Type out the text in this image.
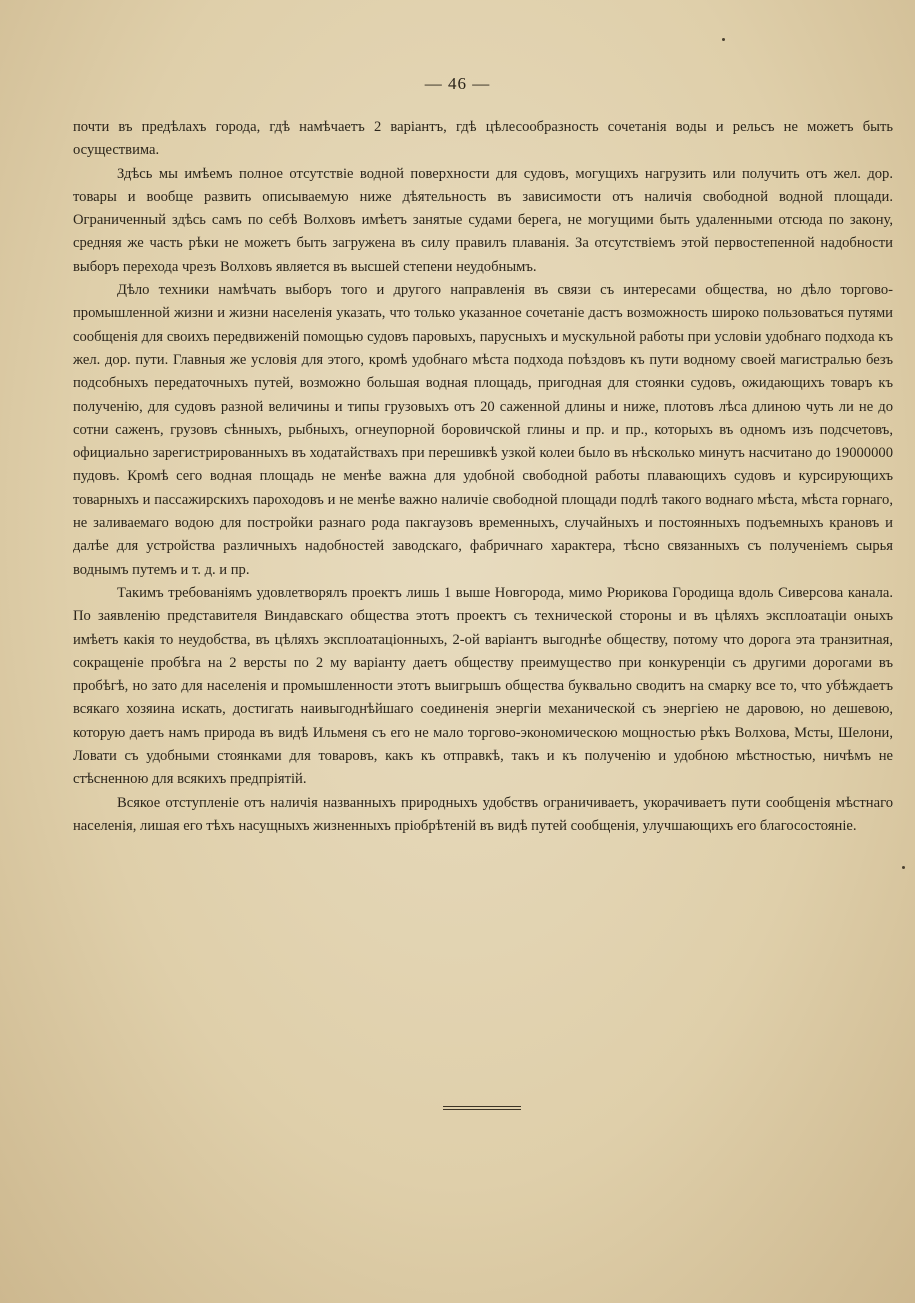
— 46 —

почти въ предѣлахъ города, гдѣ намѣчаетъ 2 варiантъ, гдѣ цѣлесообразность сочетанiя воды и рельсъ не можетъ быть осуществима.

Здѣсь мы имѣемъ полное отсутствiе водной поверхности для судовъ, могущихъ нагрузить или получить отъ жел. дор. товары и вообще развить описываемую ниже дѣятельность въ зависимости отъ наличiя свободной водной площади. Ограниченный здѣсь самъ по себѣ Волховъ имѣетъ занятые судами берега, не могущими быть удаленными отсюда по закону, средняя же часть рѣки не можетъ быть загружена въ силу правилъ плаванiя. За отсутствiемъ этой первостепенной надобности выборъ перехода чрезъ Волховъ является въ высшей степени неудобнымъ.

Дѣло техники намѣчать выборъ того и другого направленiя въ связи съ интересами общества, но дѣло торгово-промышленной жизни и жизни населенiя указать, что только указанное сочетанiе дастъ возможность широко пользоваться путями сообщенiя для своихъ передвиженiй помощью судовъ паровыхъ, парусныхъ и мускульной работы при условiи удобнаго подхода къ жел. дор. пути. Главныя же условiя для этого, кромѣ удобнаго мѣста подхода поѣздовъ къ пути водному своей магистралью безъ подсобныхъ передаточныхъ путей, возможно большая водная площадь, пригодная для стоянки судовъ, ожидающихъ товаръ къ полученiю, для судовъ разной величины и типы грузовыхъ отъ 20 саженной длины и ниже, плотовъ лѣса длиною чуть ли не до сотни саженъ, грузовъ сѣнныхъ, рыбныхъ, огнеупорной боровичской глины и пр. и пр., которыхъ въ одномъ изъ подсчетовъ, официально зарегистрированныхъ въ ходатайствахъ при перешивкѣ узкой колеи было въ нѣсколько минутъ насчитано до 19000000 пудовъ. Кромѣ сего водная площадь не менѣе важна для удобной свободной работы плавающихъ судовъ и курсирующихъ товарныхъ и пассажирскихъ пароходовъ и не менѣе важно наличiе свободной площади подлѣ такого воднаго мѣста, мѣста горнаго, не заливаемаго водою для постройки разнаго рода пакгаузовъ временныхъ, случайныхъ и постоянныхъ подъемныхъ крановъ и далѣе для устройства различныхъ надобностей заводскаго, фабричнаго характера, тѣсно связанныхъ съ полученiемъ сырья воднымъ путемъ и т. д. и пр.

Такимъ требованiямъ удовлетворялъ проектъ лишь 1 выше Новгорода, мимо Рюрикова Городища вдоль Сиверсова канала. По заявленiю представителя Виндавскаго общества этотъ проектъ съ технической стороны и въ цѣляхъ эксплоатацiи оныхъ имѣетъ какiя то неудобства, въ цѣляхъ эксплоатацiонныхъ, 2-ой варiантъ выгоднѣе обществу, потому что дорога эта транзитная, сокращенiе пробѣга на 2 версты по 2 му варiанту даетъ обществу преимущество при конкуренцiи съ другими дорогами въ пробѣгѣ, но зато для населенiя и промышленности этотъ выигрышъ общества буквально сводитъ на смарку все то, что убѣждаетъ всякаго хозяина искать, достигать наивыгоднѣйшаго соединенiя энергiи механической съ энергiею не даровою, но дешевою, которую даетъ намъ природа въ видѣ Ильменя съ его не мало торгово-экономическою мощностью рѣкъ Волхова, Мсты, Шелони, Ловати съ удобными стоянками для товаровъ, какъ къ отправкѣ, такъ и къ полученiю и удобною мѣстностью, ничѣмъ не стѣсненною для всякихъ предпрiятiй.

Всякое отступленiе отъ наличiя названныхъ природныхъ удобствъ ограничиваетъ, укорачиваетъ пути сообщенiя мѣстнаго населенiя, лишая его тѣхъ насущныхъ жизненныхъ прiобрѣтенiй въ видѣ путей сообщенiя, улучшающихъ его благосостоянiе.
